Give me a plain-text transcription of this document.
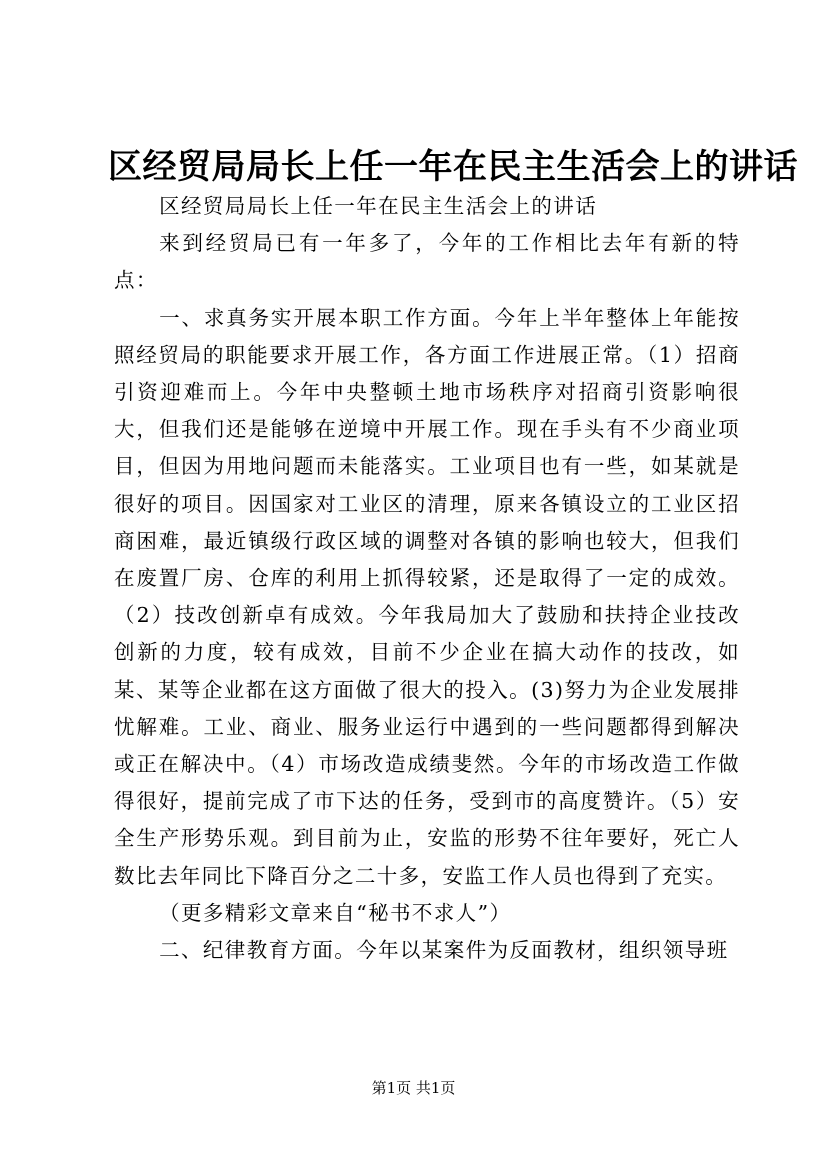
区经贸局局长上任一年在民主生活会上的讲话

区经贸局局长上任一年在民主生活会上的讲话

来到经贸局已有一年多了，今年的工作相比去年有新的特点：

一、求真务实开展本职工作方面。今年上半年整体上年能按照经贸局的职能要求开展工作，各方面工作进展正常。（1）招商引资迎难而上。今年中央整顿土地市场秩序对招商引资影响很大，但我们还是能够在逆境中开展工作。现在手头有不少商业项目，但因为用地问题而未能落实。工业项目也有一些，如某就是很好的项目。因国家对工业区的清理，原来各镇设立的工业区招商困难，最近镇级行政区域的调整对各镇的影响也较大，但我们在废置厂房、仓库的利用上抓得较紧，还是取得了一定的成效。（2）技改创新卓有成效。今年我局加大了鼓励和扶持企业技改创新的力度，较有成效，目前不少企业在搞大动作的技改，如某、某等企业都在这方面做了很大的投入。(3)努力为企业发展排忧解难。工业、商业、服务业运行中遇到的一些问题都得到解决或正在解决中。（4）市场改造成绩斐然。今年的市场改造工作做得很好，提前完成了市下达的任务，受到市的高度赞许。（5）安全生产形势乐观。到目前为止，安监的形势不往年要好，死亡人数比去年同比下降百分之二十多，安监工作人员也得到了充实。

（更多精彩文章来自“秘书不求人”）

二、纪律教育方面。今年以某案件为反面教材，组织领导班

第1页 共1页
